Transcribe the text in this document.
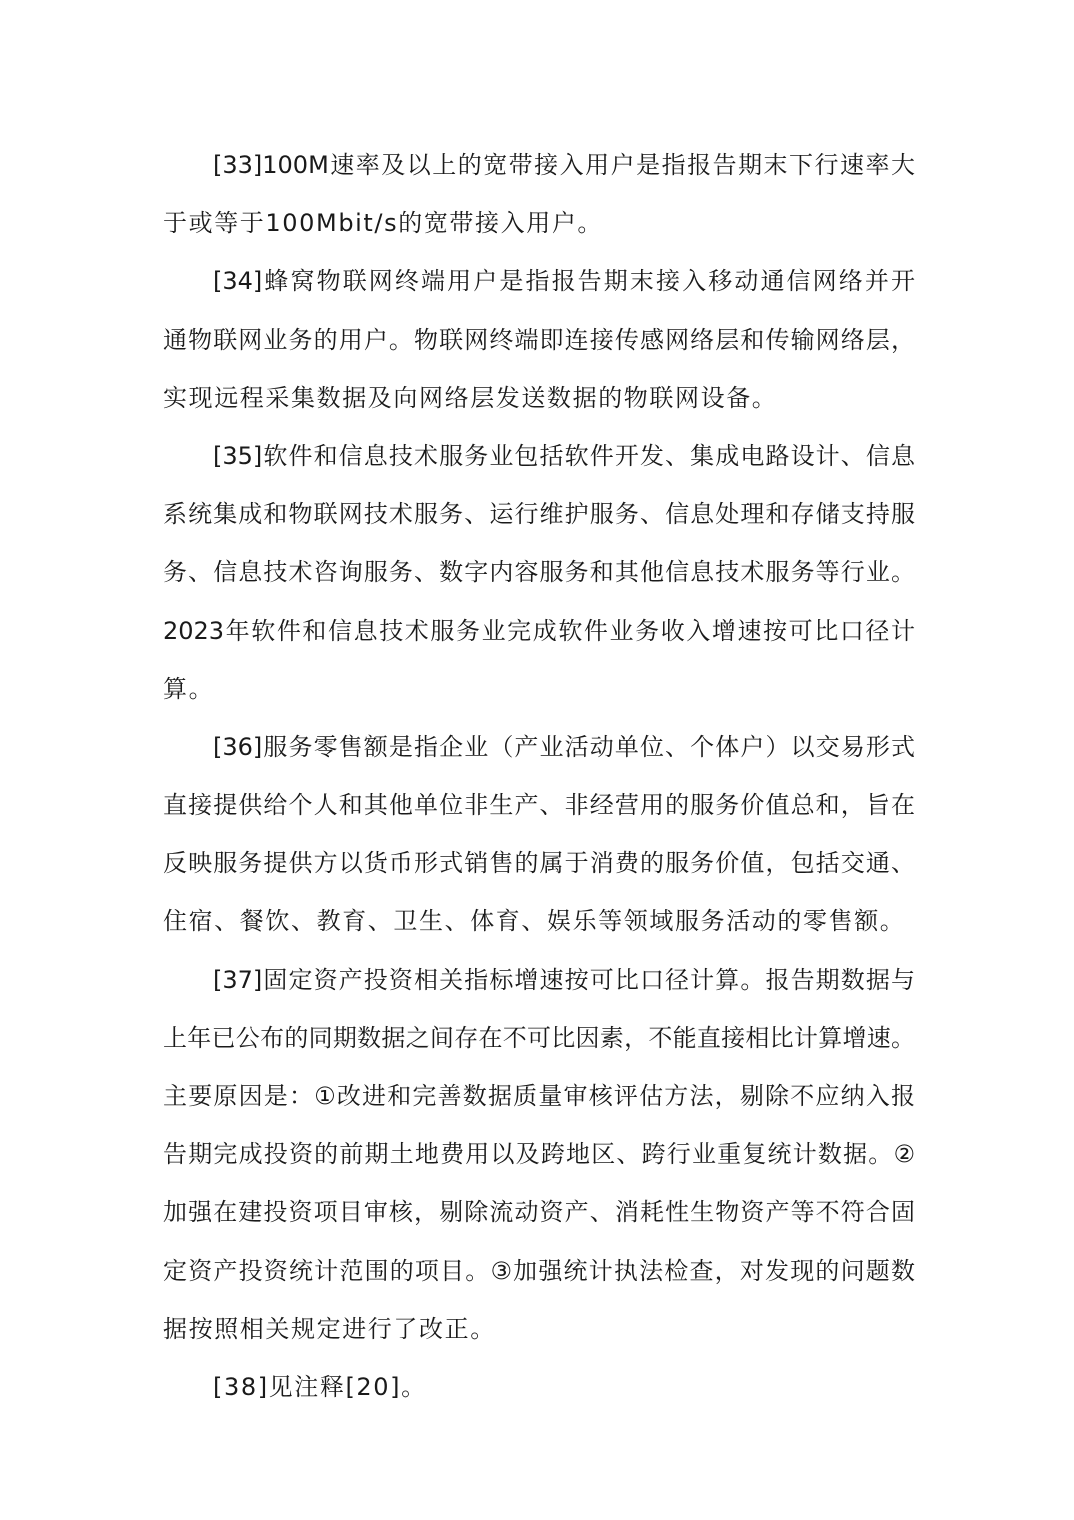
[33]100M速率及以上的宽带接入用户是指报告期末下行速率大
于或等于100Mbit/s的宽带接入用户。
[34]蜂窝物联网终端用户是指报告期末接入移动通信网络并开
通物联网业务的用户。物联网终端即连接传感网络层和传输网络层，
实现远程采集数据及向网络层发送数据的物联网设备。
[35]软件和信息技术服务业包括软件开发、集成电路设计、信息
系统集成和物联网技术服务、运行维护服务、信息处理和存储支持服
务、信息技术咨询服务、数字内容服务和其他信息技术服务等行业。
2023年软件和信息技术服务业完成软件业务收入增速按可比口径计
算。
[36]服务零售额是指企业（产业活动单位、个体户）以交易形式
直接提供给个人和其他单位非生产、非经营用的服务价值总和，旨在
反映服务提供方以货币形式销售的属于消费的服务价值，包括交通、
住宿、餐饮、教育、卫生、体育、娱乐等领域服务活动的零售额。
[37]固定资产投资相关指标增速按可比口径计算。报告期数据与
上年已公布的同期数据之间存在不可比因素，不能直接相比计算增速。
主要原因是：①改进和完善数据质量审核评估方法，剔除不应纳入报
告期完成投资的前期土地费用以及跨地区、跨行业重复统计数据。②
加强在建投资项目审核，剔除流动资产、消耗性生物资产等不符合固
定资产投资统计范围的项目。③加强统计执法检查，对发现的问题数
据按照相关规定进行了改正。
[38]见注释[20]。
